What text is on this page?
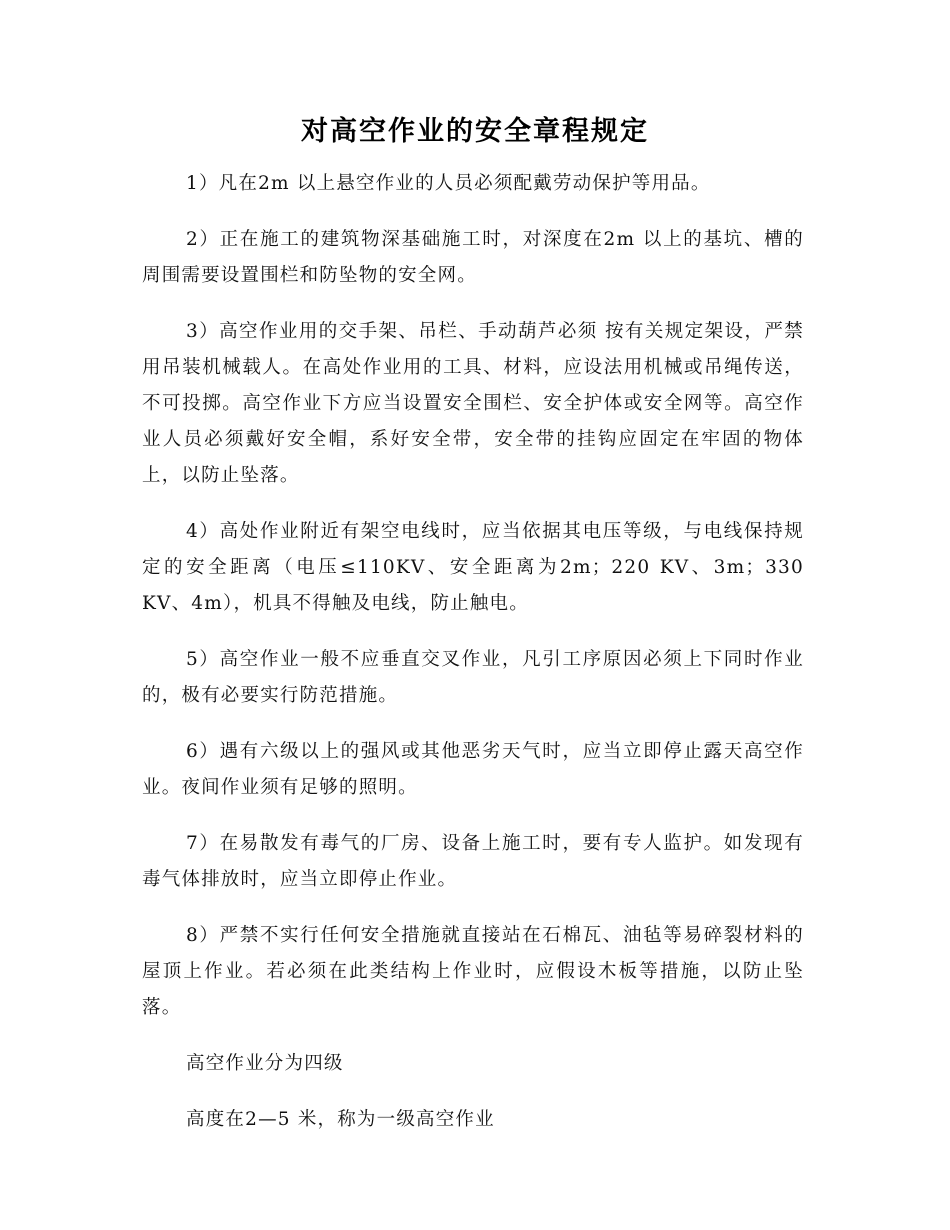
对高空作业的安全章程规定

1）凡在2m 以上悬空作业的人员必须配戴劳动保护等用品。

2）正在施工的建筑物深基础施工时，对深度在2m 以上的基坑、槽的周围需要设置围栏和防坠物的安全网。

3）高空作业用的交手架、吊栏、手动葫芦必须 按有关规定架设，严禁用吊装机械载人。在高处作业用的工具、材料，应设法用机械或吊绳传送，不可投掷。高空作业下方应当设置安全围栏、安全护体或安全网等。高空作业人员必须戴好安全帽，系好安全带，安全带的挂钩应固定在牢固的物体上，以防止坠落。

4）高处作业附近有架空电线时，应当依据其电压等级，与电线保持规定的安全距离（电压≤110KV、安全距离为2m；220 KV、3m；330 KV、4m），机具不得触及电线，防止触电。

5）高空作业一般不应垂直交叉作业，凡引工序原因必须上下同时作业的，极有必要实行防范措施。

6）遇有六级以上的强风或其他恶劣天气时，应当立即停止露天高空作业。夜间作业须有足够的照明。

7）在易散发有毒气的厂房、设备上施工时，要有专人监护。如发现有毒气体排放时，应当立即停止作业。

8）严禁不实行任何安全措施就直接站在石棉瓦、油毡等易碎裂材料的屋顶上作业。若必须在此类结构上作业时，应假设木板等措施，以防止坠落。

高空作业分为四级

高度在2—5 米，称为一级高空作业
